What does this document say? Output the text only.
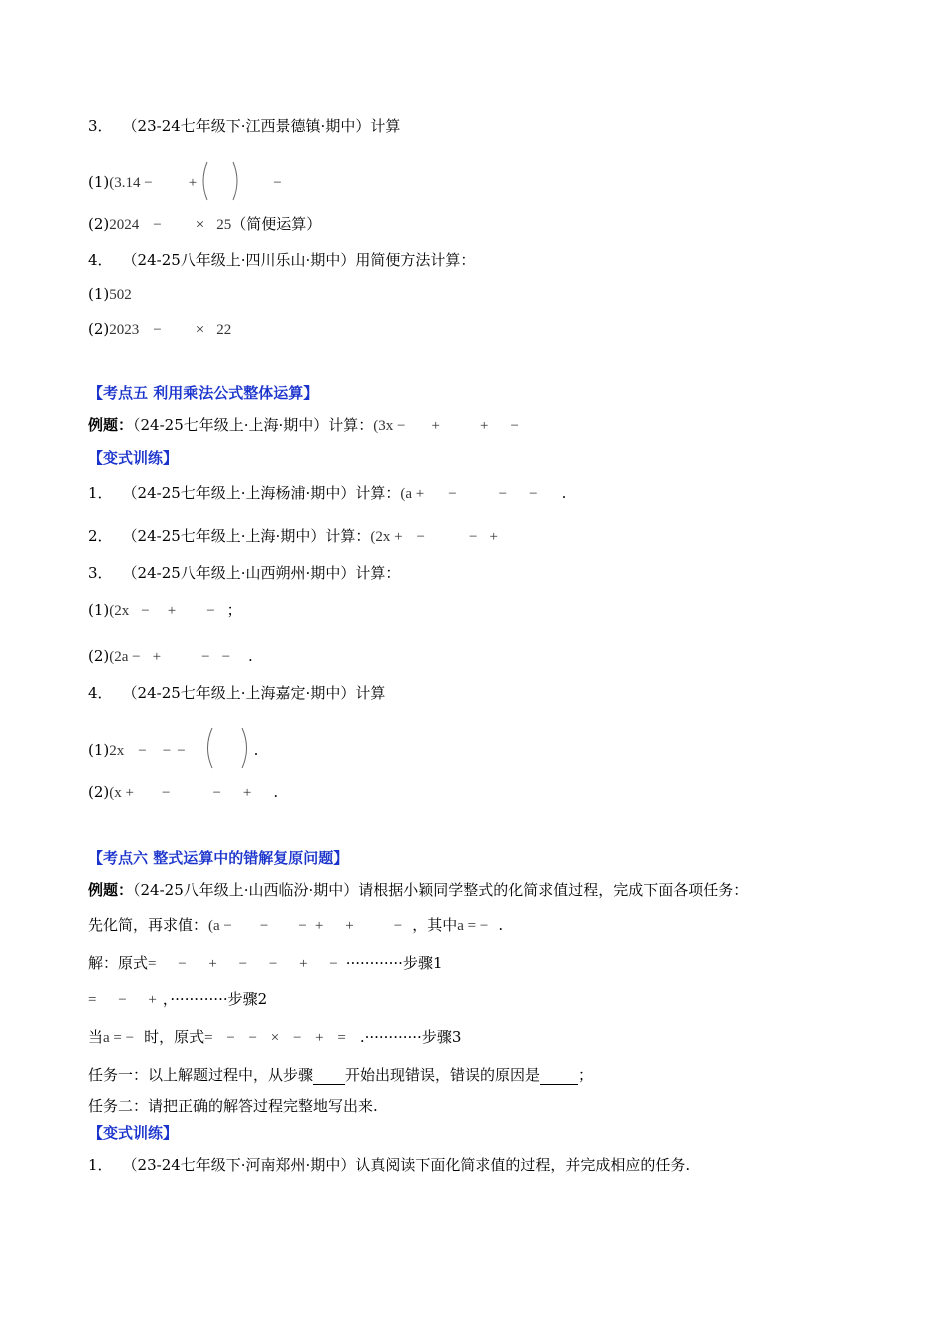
3． （23-24七年级下·江西景德镇·期中）计算
(1)(3.14 − +	−
(2)2024 − × 25（简便运算）
4． （24-25八年级上·四川乐山·期中）用简便方法计算：
(1)502
(2)2023 − × 22
【考点五 利用乘法公式整体运算】
例题：（24-25七年级上·上海·期中）计算：(3x − +	+ −
【变式训练】
1． （24-25七年级上·上海杨浦·期中）计算：(a + −	− − .
2． （24-25七年级上·上海·期中）计算：(2x + −	− +
3． （24-25八年级上·山西朔州·期中）计算：
(1)(2x − + − ；
(2)(2a − +	− − .
4． （24-25七年级上·上海嘉定·期中）计算
(1)2x − − −	.
(2)(x + −	− + .
【考点六 整式运算中的错解复原问题】
例题：（24-25八年级上·山西临汾·期中）请根据小颖同学整式的化简求值过程，完成下面各项任务：
先化简，再求值：(a − − − + +	− ，其中a = − .
解：原式= − + − − + − ············步骤1
= − + ，············步骤2
当a = − 时，原式= − − × − + = .············步骤3
任务一：以上解题过程中，从步骤 开始出现错误，错误的原因是	；
任务二：请把正确的解答过程完整地写出来.
【变式训练】
1． （23-24七年级下·河南郑州·期中）认真阅读下面化简求值的过程，并完成相应的任务.
